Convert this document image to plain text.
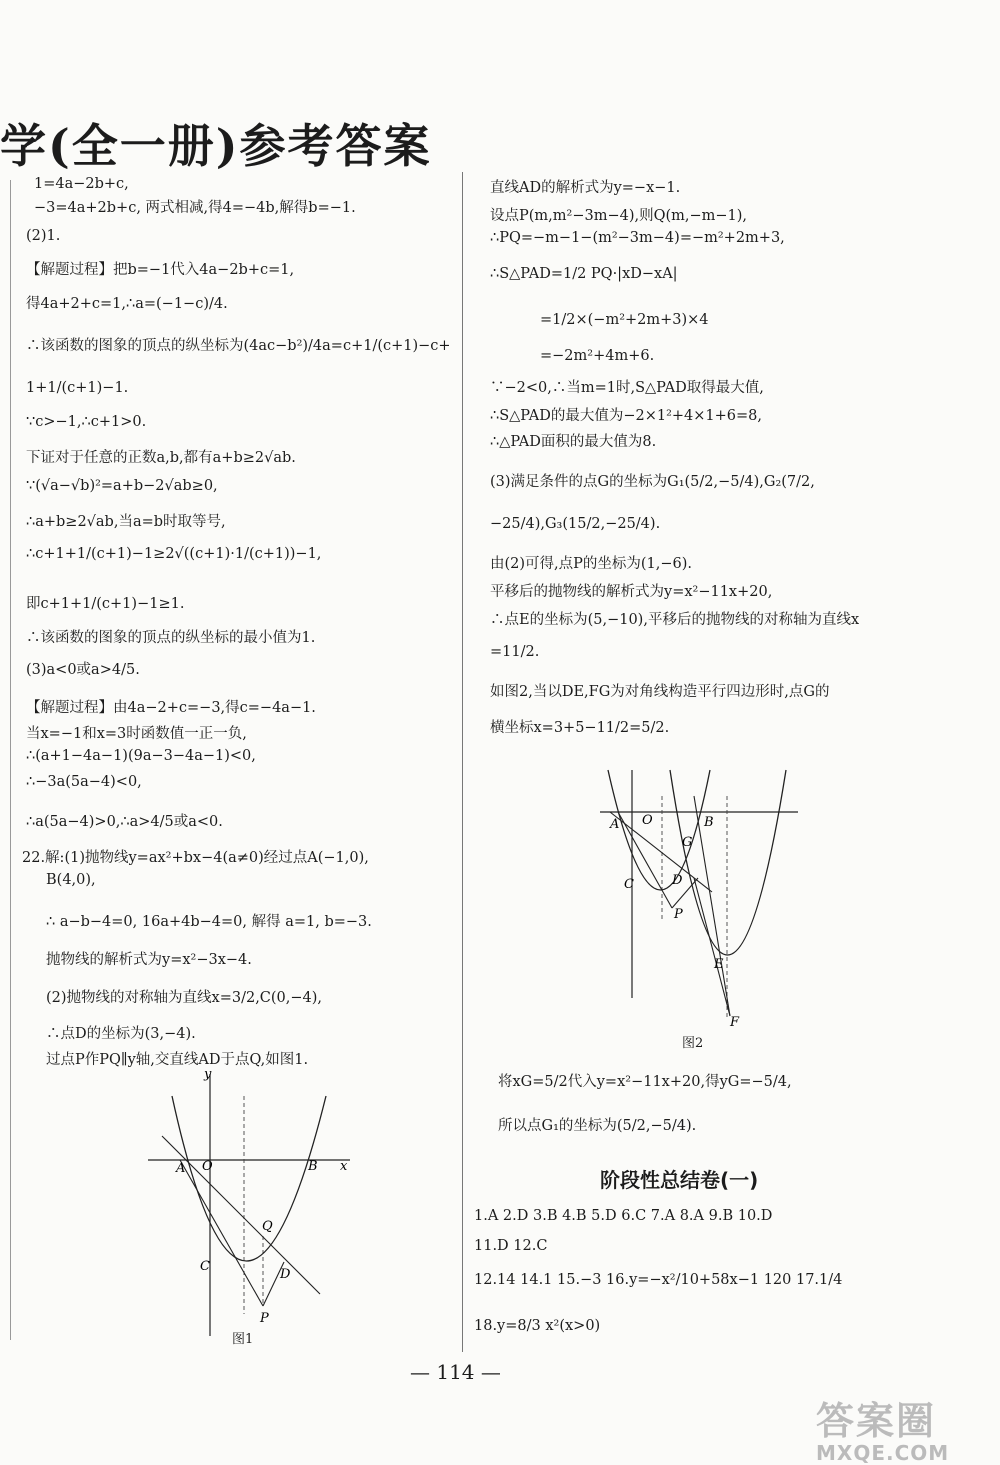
学(全一册)参考答案
1=4a−2b+c,
−3=4a+2b+c, 两式相减,得4=−4b,解得b=−1.
(2)1.
【解题过程】把b=−1代入4a−2b+c=1,
得4a+2+c=1,∴a=(−1−c)/4.
∴该函数的图象的顶点的纵坐标为(4ac−b²)/4a=c+1/(c+1)−c+
1+1/(c+1)−1.
∵c>−1,∴c+1>0.
下证对于任意的正数a,b,都有a+b≥2√ab.
∵(√a−√b)²=a+b−2√ab≥0,
∴a+b≥2√ab,当a=b时取等号,
∴c+1+1/(c+1)−1≥2√((c+1)·1/(c+1))−1,
即c+1+1/(c+1)−1≥1.
∴该函数的图象的顶点的纵坐标的最小值为1.
(3)a<0或a>4/5.
【解题过程】由4a−2+c=−3,得c=−4a−1.
当x=−1和x=3时函数值一正一负,
∴(a+1−4a−1)(9a−3−4a−1)<0,
∴−3a(5a−4)<0,
∴a(5a−4)>0,∴a>4/5或a<0.
22.解:(1)抛物线y=ax²+bx−4(a≠0)经过点A(−1,0),
B(4,0),
∴ a−b−4=0, 16a+4b−4=0, 解得 a=1, b=−3.
抛物线的解析式为y=x²−3x−4.
(2)抛物线的对称轴为直线x=3/2,C(0,−4),
∴点D的坐标为(3,−4).
过点P作PQ∥y轴,交直线AD于点Q,如图1.
y
x
A O	B
Q
C
D
P
图1
直线AD的解析式为y=−x−1.
设点P(m,m²−3m−4),则Q(m,−m−1),
∴PQ=−m−1−(m²−3m−4)=−m²+2m+3,
∴S△PAD=1/2 PQ·|xD−xA|
=1/2×(−m²+2m+3)×4
=−2m²+4m+6.
∵−2<0,∴当m=1时,S△PAD取得最大值,
∴S△PAD的最大值为−2×1²+4×1+6=8,
∴△PAD面积的最大值为8.
(3)满足条件的点G的坐标为G₁(5/2,−5/4),G₂(7/2,
−25/4),G₃(15/2,−25/4).
由(2)可得,点P的坐标为(1,−6).
平移后的抛物线的解析式为y=x²−11x+20,
∴点E的坐标为(5,−10),平移后的抛物线的对称轴为直线x
=11/2.
如图2,当以DE,FG为对角线构造平行四边形时,点G的
横坐标x=3+5−11/2=5/2.
将xG=5/2代入y=x²−11x+20,得yG=−5/4,
所以点G₁的坐标为(5/2,−5/4).
A O	B
G
C	D
P
E
F
图2
阶段性总结卷(一)
1.A 2.D 3.B 4.B 5.D 6.C 7.A 8.A 9.B 10.D
11.D 12.C
12.14 14.1 15.−3 16.y=−x²/10+58x−1 120 17.1/4
18.y=8/3 x²(x>0)
— 114 —
答案圈
MXQE.COM
